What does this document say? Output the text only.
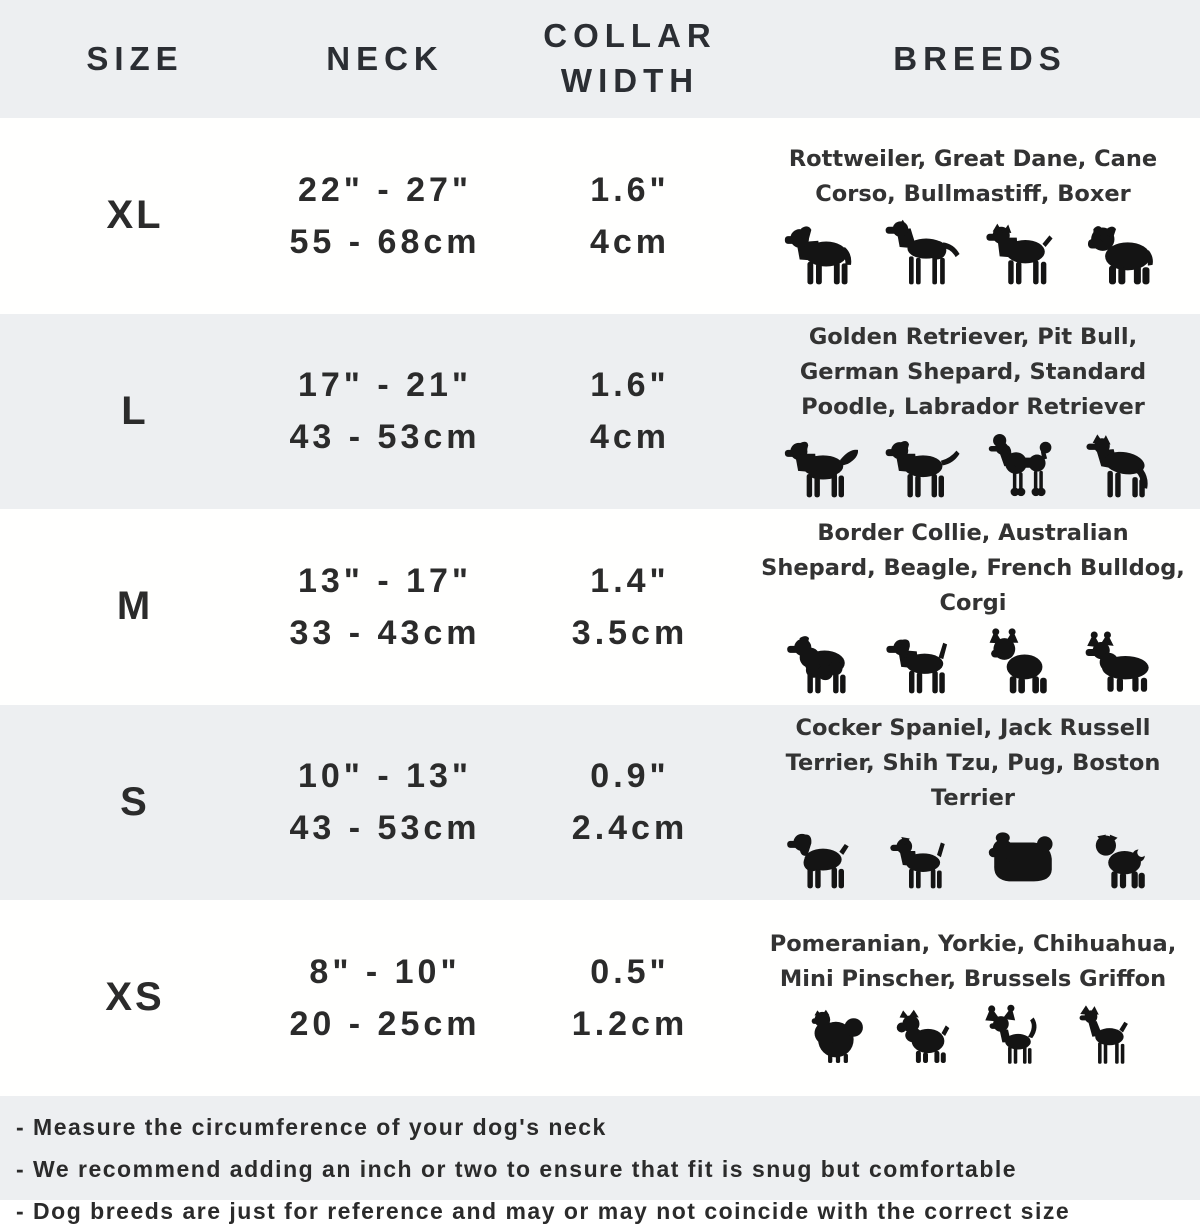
SIZE	NECK
COLLAR WIDTH
BREEDS
XL
22" - 27"
55 - 68cm
1.6"
4cm
Rottweiler, Great Dane, Cane Corso, Bullmastiff, Boxer
L
17" - 21"
43 - 53cm
1.6"
4cm
Golden Retriever, Pit Bull, German Shepard, Standard Poodle, Labrador Retriever
M
13" - 17"
33 - 43cm
1.4"
3.5cm
Border Collie, Australian Shepard, Beagle, French Bulldog, Corgi
S
10" - 13"
43 - 53cm
0.9"
2.4cm
Cocker Spaniel, Jack Russell Terrier, Shih Tzu, Pug, Boston Terrier
XS
8" - 10"
20 - 25cm
0.5"
1.2cm
Pomeranian, Yorkie, Chihuahua, Mini Pinscher, Brussels Griffon
- Measure the circumference of your dog's neck
- We recommend adding an inch or two to ensure that fit is snug but comfortable
- Dog breeds are just for reference and may or may not coincide with the correct size
